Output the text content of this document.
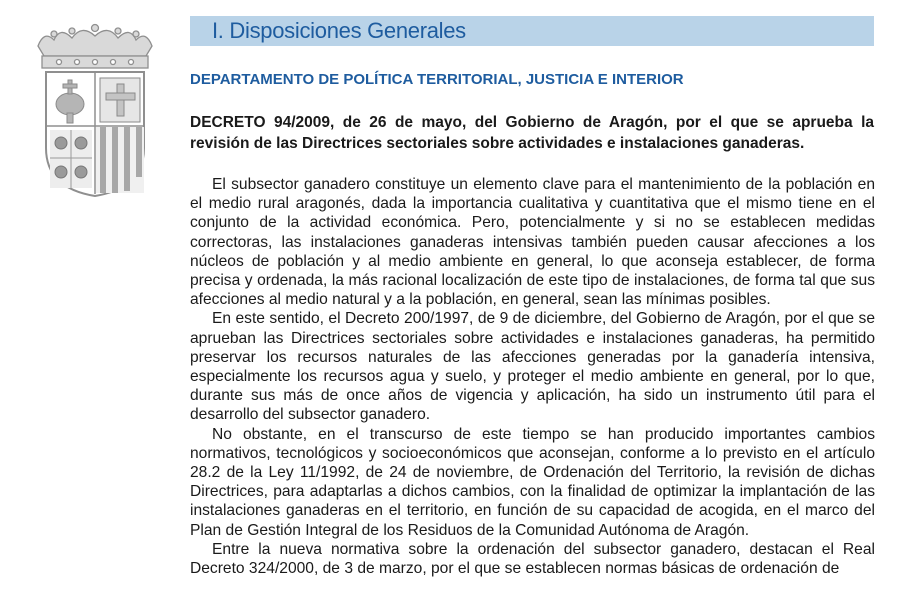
I. Disposiciones Generales
DEPARTAMENTO DE POLÍTICA TERRITORIAL, JUSTICIA E INTERIOR
DECRETO 94/2009, de 26 de mayo, del Gobierno de Aragón, por el que se aprueba la revisión de las Directrices sectoriales sobre actividades e instalaciones ganaderas.

El subsector ganadero constituye un elemento clave para el mantenimiento de la población en el medio rural aragonés, dada la importancia cualitativa y cuantitativa que el mismo tiene en el conjunto de la actividad económica. Pero, potencialmente y si no se establecen medidas correctoras, las instalaciones ganaderas intensivas también pueden causar afecciones a los núcleos de población y al medio ambiente en general, lo que aconseja establecer, de forma precisa y ordenada, la más racional localización de este tipo de instalaciones, de forma tal que sus afecciones al medio natural y a la población, en general, sean las mínimas posibles.

En este sentido, el Decreto 200/1997, de 9 de diciembre, del Gobierno de Aragón, por el que se aprueban las Directrices sectoriales sobre actividades e instalaciones ganaderas, ha permitido preservar los recursos naturales de las afecciones generadas por la ganadería intensiva, especialmente los recursos agua y suelo, y proteger el medio ambiente en general, por lo que, durante sus más de once años de vigencia y aplicación, ha sido un instrumento útil para el desarrollo del subsector ganadero.

No obstante, en el transcurso de este tiempo se han producido importantes cambios normativos, tecnológicos y socioeconómicos que aconsejan, conforme a lo previsto en el artículo 28.2 de la Ley 11/1992, de 24 de noviembre, de Ordenación del Territorio, la revisión de dichas Directrices, para adaptarlas a dichos cambios, con la finalidad de optimizar la implantación de las instalaciones ganaderas en el territorio, en función de su capacidad de acogida, en el marco del Plan de Gestión Integral de los Residuos de la Comunidad Autónoma de Aragón.

Entre la nueva normativa sobre la ordenación del subsector ganadero, destacan el Real Decreto 324/2000, de 3 de marzo, por el que se establecen normas básicas de ordenación de
